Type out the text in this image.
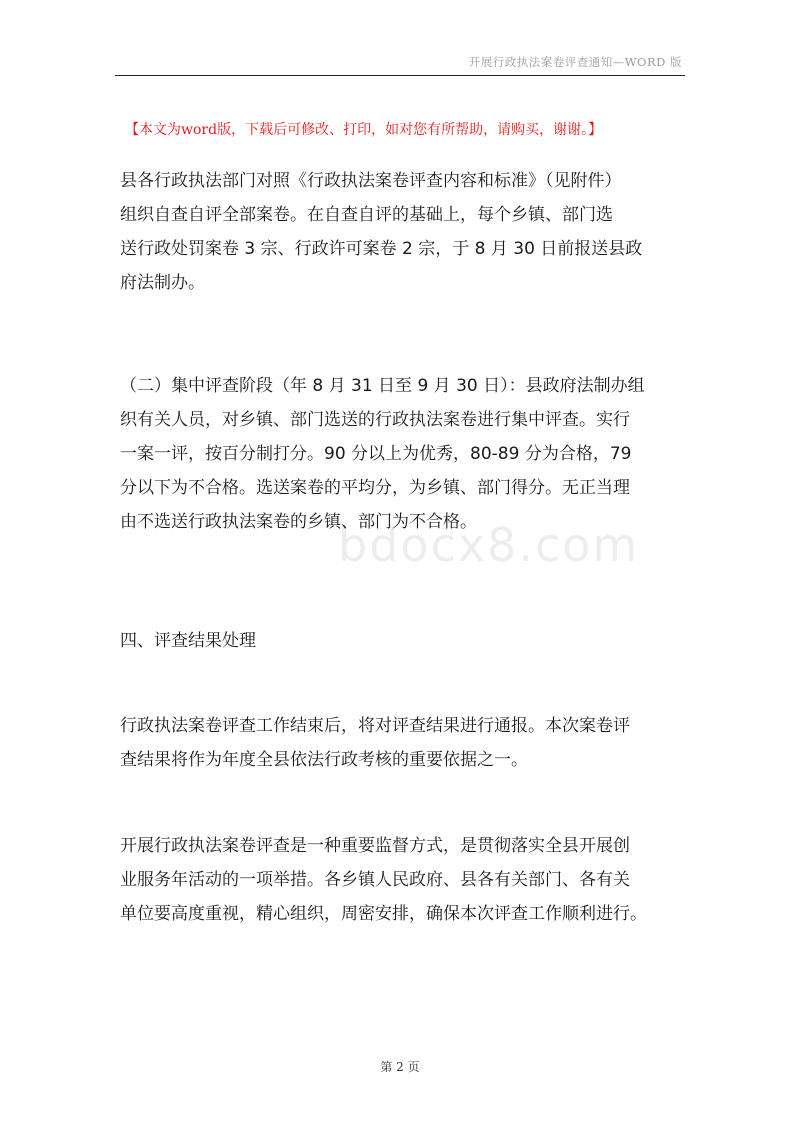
开展行政执法案卷评查通知—WORD 版
【本文为word版，下载后可修改、打印，如对您有所帮助，请购买，谢谢。】

县各行政执法部门对照《行政执法案卷评查内容和标准》（见附件）
组织自查自评全部案卷。在自查自评的基础上，每个乡镇、部门选
送行政处罚案卷 3 宗、行政许可案卷 2 宗，于 8 月 30 日前报送县政
府法制办。

（二）集中评查阶段（年 8 月 31 日至 9 月 30 日）：县政府法制办组
织有关人员，对乡镇、部门选送的行政执法案卷进行集中评查。实行
一案一评，按百分制打分。90 分以上为优秀，80-89 分为合格，79
分以下为不合格。选送案卷的平均分，为乡镇、部门得分。无正当理
由不选送行政执法案卷的乡镇、部门为不合格。

bdocx8.com

四、评查结果处理

行政执法案卷评查工作结束后，将对评查结果进行通报。本次案卷评
查结果将作为年度全县依法行政考核的重要依据之一。

开展行政执法案卷评查是一种重要监督方式，是贯彻落实全县开展创
业服务年活动的一项举措。各乡镇人民政府、县各有关部门、各有关
单位要高度重视，精心组织，周密安排，确保本次评查工作顺利进行。

第 2 页
